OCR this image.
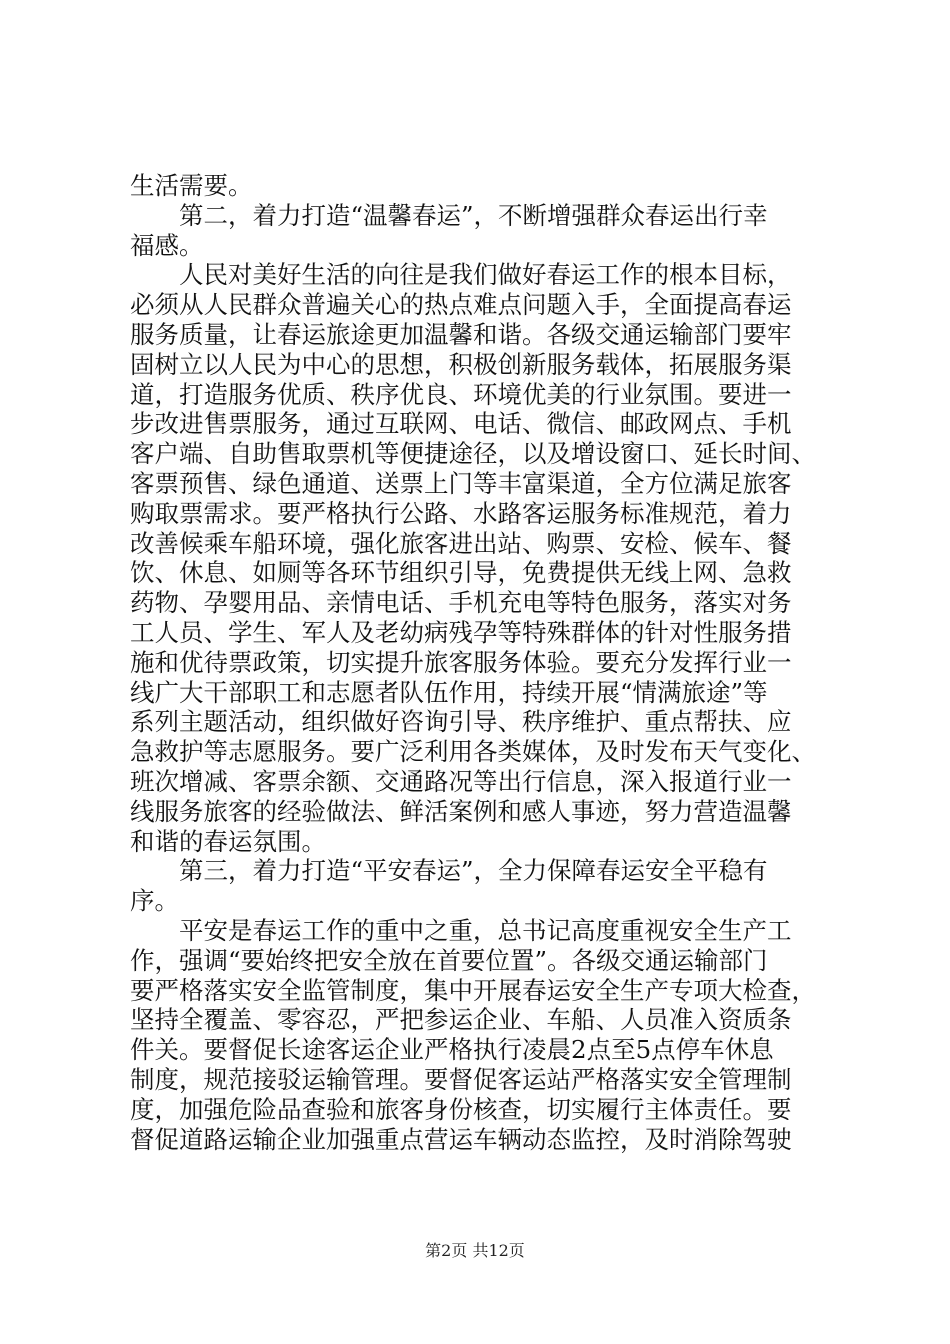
生活需要。
　　第二，着力打造“温馨春运”，不断增强群众春运出行幸
福感。
　　人民对美好生活的向往是我们做好春运工作的根本目标，
必须从人民群众普遍关心的热点难点问题入手，全面提高春运
服务质量，让春运旅途更加温馨和谐。各级交通运输部门要牢
固树立以人民为中心的思想，积极创新服务载体，拓展服务渠
道，打造服务优质、秩序优良、环境优美的行业氛围。要进一
步改进售票服务，通过互联网、电话、微信、邮政网点、手机
客户端、自助售取票机等便捷途径，以及增设窗口、延长时间、
客票预售、绿色通道、送票上门等丰富渠道，全方位满足旅客
购取票需求。要严格执行公路、水路客运服务标准规范，着力
改善候乘车船环境，强化旅客进出站、购票、安检、候车、餐
饮、休息、如厕等各环节组织引导，免费提供无线上网、急救
药物、孕婴用品、亲情电话、手机充电等特色服务，落实对务
工人员、学生、军人及老幼病残孕等特殊群体的针对性服务措
施和优待票政策，切实提升旅客服务体验。要充分发挥行业一
线广大干部职工和志愿者队伍作用，持续开展“情满旅途”等
系列主题活动，组织做好咨询引导、秩序维护、重点帮扶、应
急救护等志愿服务。要广泛利用各类媒体，及时发布天气变化、
班次增减、客票余额、交通路况等出行信息，深入报道行业一
线服务旅客的经验做法、鲜活案例和感人事迹，努力营造温馨
和谐的春运氛围。
　　第三，着力打造“平安春运”，全力保障春运安全平稳有
序。
　　平安是春运工作的重中之重，总书记高度重视安全生产工
作，强调“要始终把安全放在首要位置”。各级交通运输部门
要严格落实安全监管制度，集中开展春运安全生产专项大检查，
坚持全覆盖、零容忍，严把参运企业、车船、人员准入资质条
件关。要督促长途客运企业严格执行凌晨2点至5点停车休息
制度，规范接驳运输管理。要督促客运站严格落实安全管理制
度，加强危险品查验和旅客身份核查，切实履行主体责任。要
督促道路运输企业加强重点营运车辆动态监控，及时消除驾驶
第2页 共12页
